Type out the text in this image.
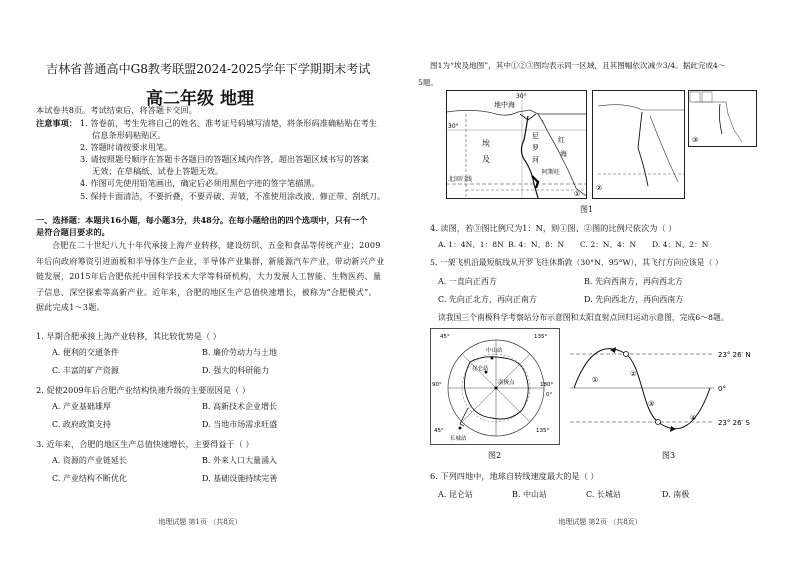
吉林省普通高中G8教考联盟2024-2025学年下学期期末考试
高二年级 地理
本试卷共8页。考试结束后，将答题卡交回。
注意事项： 1. 答卷前，考生先将自己的姓名、准考证号码填写清楚，将条形码准确粘贴在考生
信息条形码粘贴区。
2. 答题时请按要求用笔。
3. 请按照题号顺序在答题卡各题目的答题区域内作答，超出答题区域书写的答案
无效；在草稿纸、试卷上答题无效。
4. 作图可先使用铅笔画出，确定后必须用黑色字迹的签字笔描黑。
5. 保持卡面清洁，不要折叠，不要弄破、弄皱，不准使用涂改液、修正带、刮纸刀。
一、选择题：本题共16小题，每小题3分，共48分。在每小题给出的四个选项中，只有一个
是符合题目要求的。
合肥在二十世纪八九十年代承接上海产业转移，建设纺织、五金和食品等传统产业；2009
年后向政府筹资引进面板和半导体生产企业，半导体产业集群，新能源汽车产业，带动新兴产业
链发展，2015年后合肥依托中国科学技术大学等科研机构，大力发展人工智能、生物医药、量
子信息、深空探索等高新产业。近年来，合肥的地区生产总值快速增长，被称为“合肥模式”。
据此完成1～3题。
1. 早期合肥承接上海产业转移，其比较优势是（ ）
A. 便利的交通条件	B. 廉价劳动力与土地
C. 丰富的矿产资源	D. 强大的科研能力
2. 促使2009年后合肥产业结构快速升级的主要原因是（ ）
A. 产业基础雄厚	B. 高新技术企业增长
C. 政府政策支持	D. 当地市场需求旺盛
3. 近年来，合肥的地区生产总值快速增长，主要得益于（ ）
A. 资源的产业链延长	B. 外来人口大量涌入
C. 产业结构不断优化	D. 基础设施持续完善
地理试题 第1页 （共8页）
图1为“埃及地图”，其中①②③图均表示同一区域，且其图幅依次减少3/4。据此完成4～
5题。
地中海
30°
30°
埃
及
尼
罗
河
红
海
阿斯旺
北回归线
②
③
①
图1
4. 读图，若③图比例尺为1：N，则①图、②图的比例尺依次为（ ）
A. 1：4N、1：8N B. 4：N、8：N C. 2：N、4：N D. 4：N、2：N
5. 一架飞机沿最短航线从开罗飞往休斯敦（30°N，95°W），其飞行方向应该是（ ）
A. 一直向正西方	B. 先向西南方，再向西北方
C. 先向正北方，再向正南方	D. 先向西北方，再向西南方
读我国三个南极科学考察站分布示意图和太阳直射点回归运动示意图，完成6～8题。
45°	135°
90°	180°
0°
中山站
昆仑站
南极点
长城站
45°	135°
图2
①
②
③
④
23° 26′ N
0°
23° 26′ S
图3
6. 下列四地中，地球自转线速度最大的是（ ）
A. 昆仑站	B. 中山站	C. 长城站	D. 南极
地理试题 第2页 （共8页）
